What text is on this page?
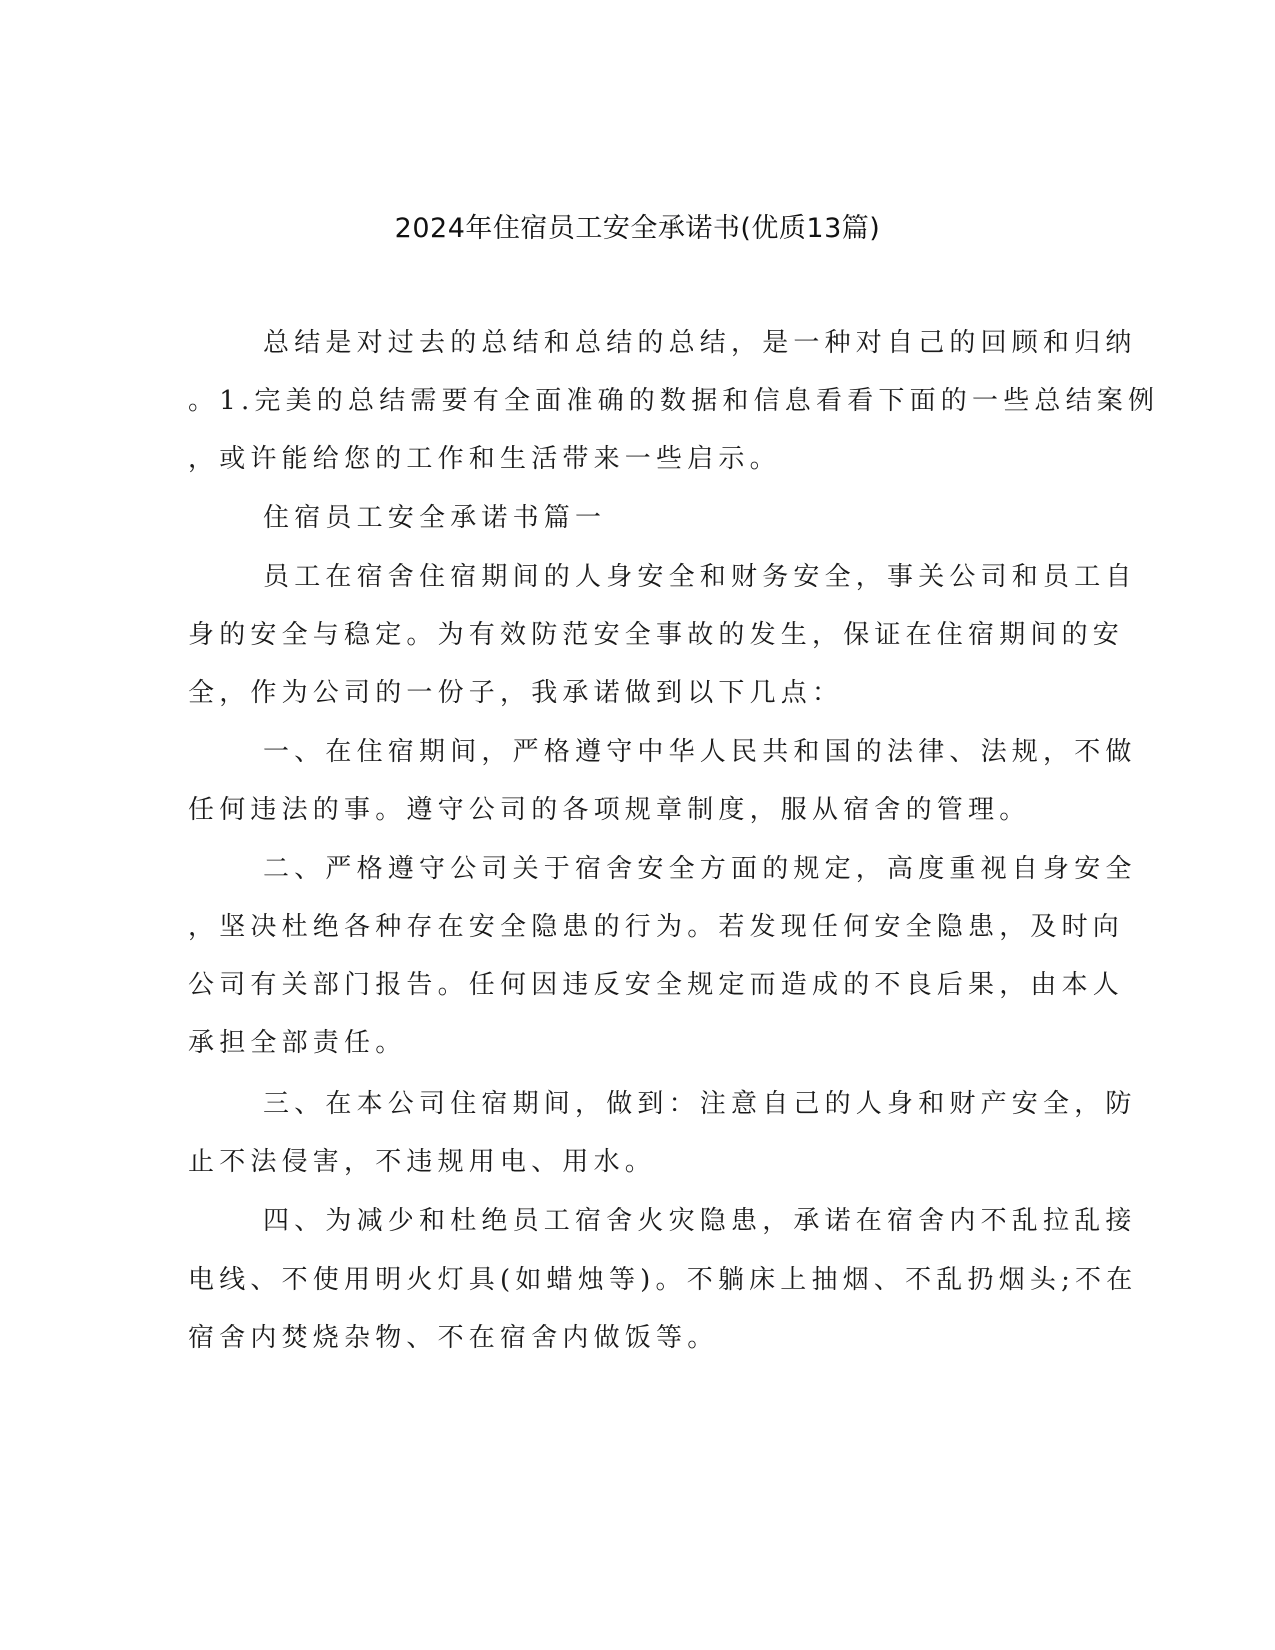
2024年住宿员工安全承诺书(优质13篇)
总结是对过去的总结和总结的总结，是一种对自己的回顾和归纳
。1.完美的总结需要有全面准确的数据和信息看看下面的一些总结案例
，或许能给您的工作和生活带来一些启示。
住宿员工安全承诺书篇一
员工在宿舍住宿期间的人身安全和财务安全，事关公司和员工自
身的安全与稳定。为有效防范安全事故的发生，保证在住宿期间的安
全，作为公司的一份子，我承诺做到以下几点：
一、在住宿期间，严格遵守中华人民共和国的法律、法规，不做
任何违法的事。遵守公司的各项规章制度，服从宿舍的管理。
二、严格遵守公司关于宿舍安全方面的规定，高度重视自身安全
，坚决杜绝各种存在安全隐患的行为。若发现任何安全隐患，及时向
公司有关部门报告。任何因违反安全规定而造成的不良后果，由本人
承担全部责任。
三、在本公司住宿期间，做到：注意自己的人身和财产安全，防
止不法侵害，不违规用电、用水。
四、为减少和杜绝员工宿舍火灾隐患，承诺在宿舍内不乱拉乱接
电线、不使用明火灯具(如蜡烛等)。不躺床上抽烟、不乱扔烟头;不在
宿舍内焚烧杂物、不在宿舍内做饭等。
